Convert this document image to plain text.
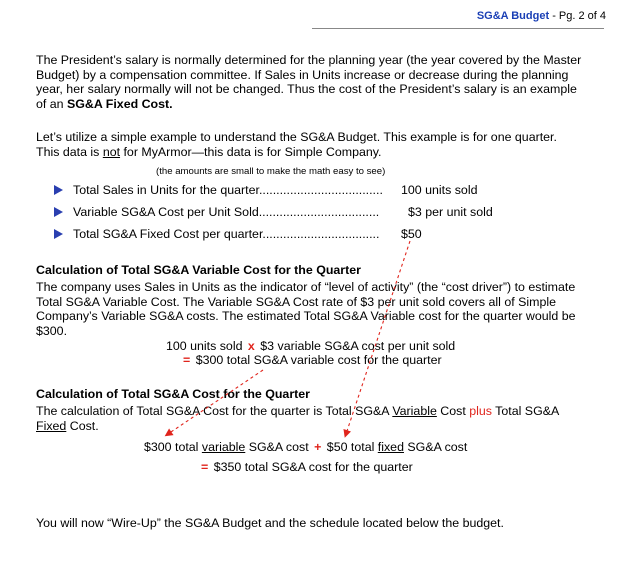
SG&A Budget - Pg. 2 of 4
The President’s salary is normally determined for the planning year (the year covered by the Master Budget) by a compensation committee. If Sales in Units increase or decrease during the planning year, her salary normally will not be changed. Thus the cost of the President’s salary is an example of an SG&A Fixed Cost.
Let’s utilize a simple example to understand the SG&A Budget. This example is for one quarter.
This data is not for MyArmor—this data is for Simple Company.
(the amounts are small to make the math easy to see)
Total Sales in Units for the quarter.................................... 100 units sold
Variable SG&A Cost per Unit Sold................................... $3 per unit sold
Total SG&A Fixed Cost per quarter.................................. $50
Calculation of Total SG&A Variable Cost for the Quarter
The company uses Sales in Units as the indicator of “level of activity” (the “cost driver”) to estimate Total SG&A Variable Cost. The Variable SG&A Cost rate of $3 per unit sold covers all of Simple Company’s Variable SG&A costs. The estimated Total SG&A Variable cost for the quarter would be $300.
100 units sold x $3 variable SG&A cost per unit sold
= $300 total SG&A variable cost for the quarter
Calculation of Total SG&A Cost for the Quarter
The calculation of Total SG&A Cost for the quarter is Total SG&A Variable Cost plus Total SG&A Fixed Cost.
$300 total variable SG&A cost + $50 total fixed SG&A cost
= $350 total SG&A cost for the quarter
You will now “Wire-Up” the SG&A Budget and the schedule located below the budget.
